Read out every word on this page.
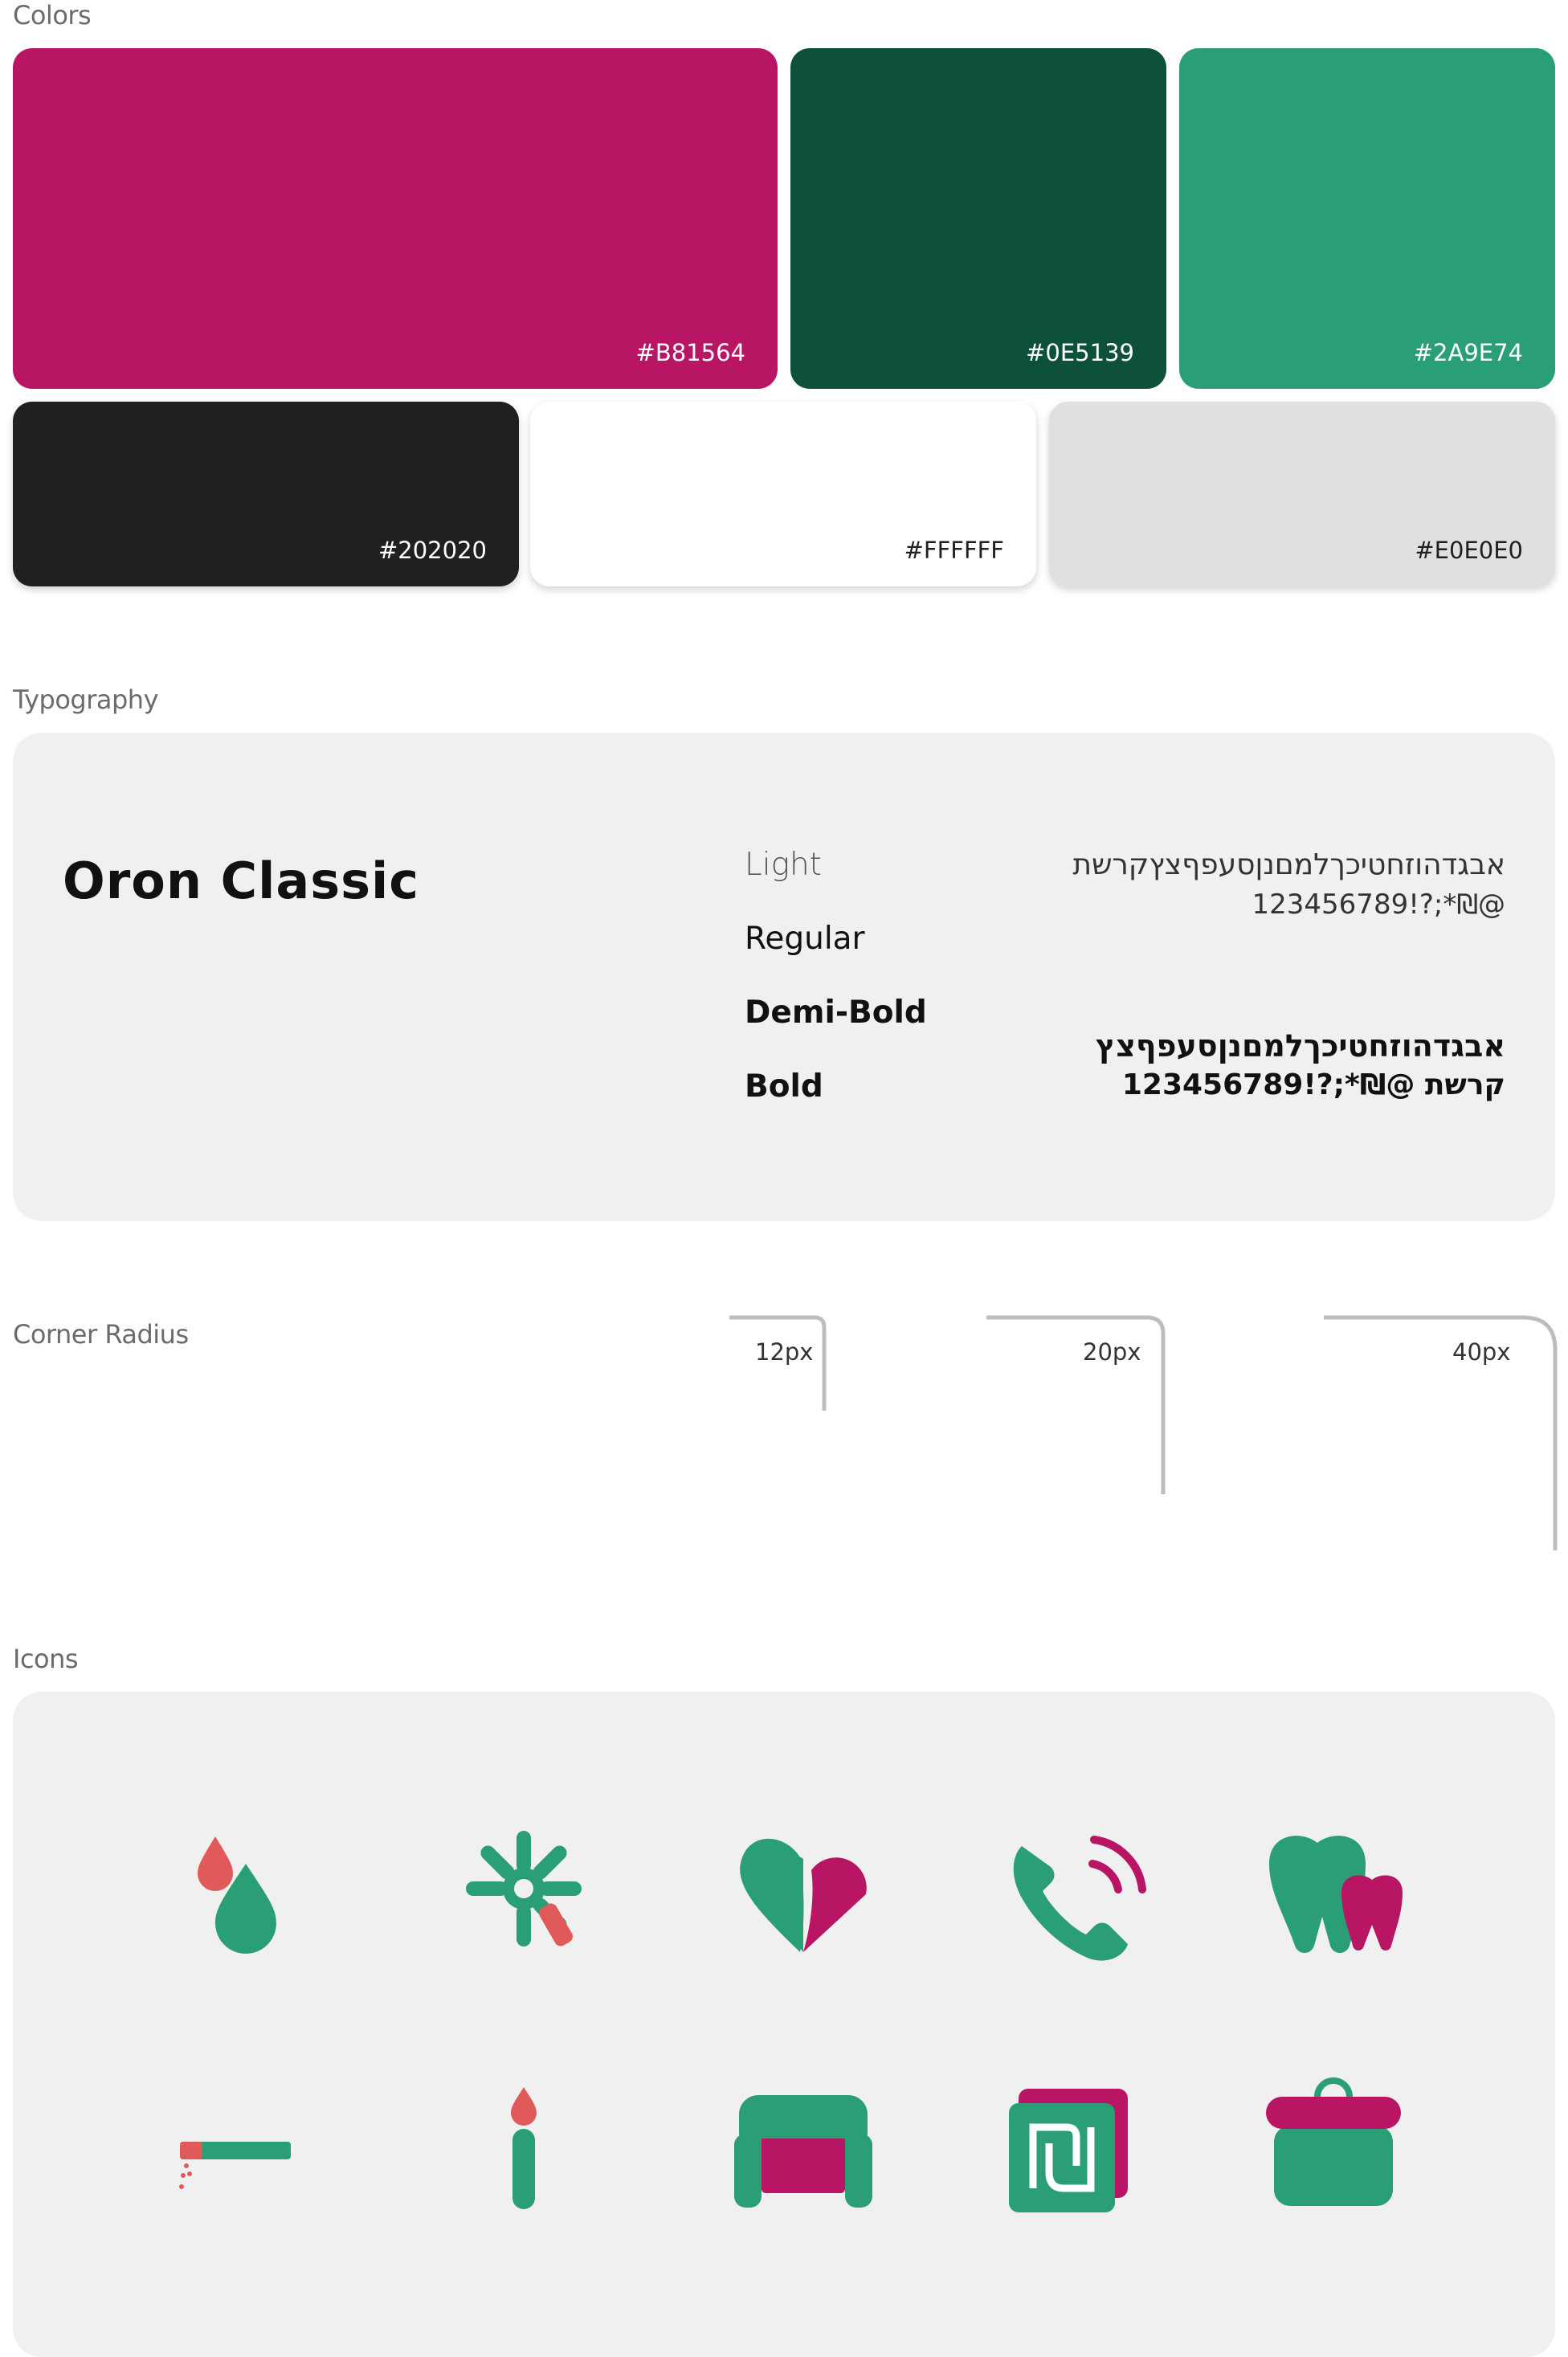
Colors
#B81564	#0E5139	#2A9E74
#202020	#FFFFFF	#E0E0E0
Typography
Oron Classic	Light
Regular
Demi-Bold
Bold
אבגדהוזחטיכךלמםנןסעפףצץקרשת
123456789!?;*₪@
אבגדהוזחטיכךלמםנןסעפףצץ
קרשת @₪*;?!123456789
Corner Radius
12px	20px	40px
Icons
